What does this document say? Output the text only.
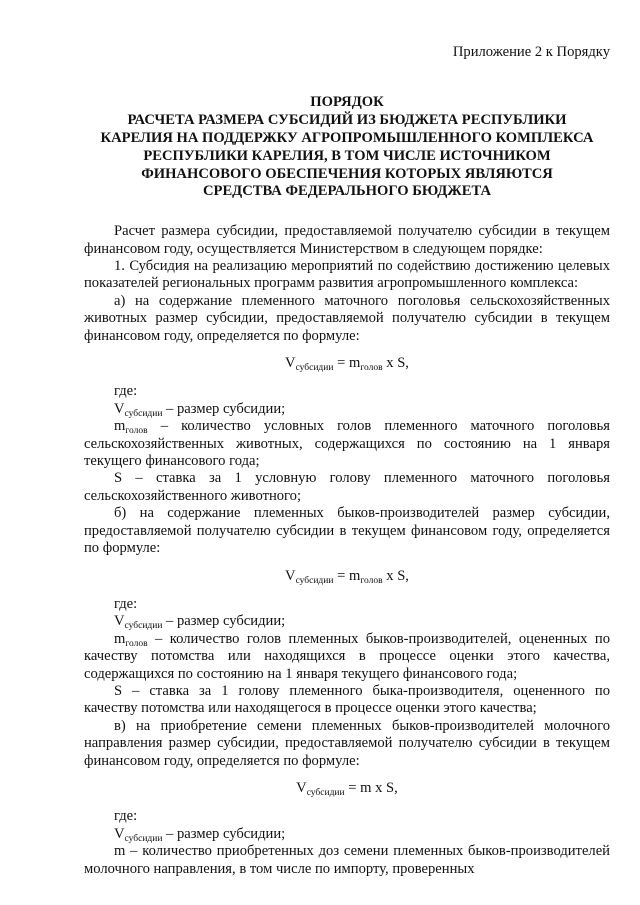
Приложение 2 к Порядку
ПОРЯДОК
РАСЧЕТА РАЗМЕРА СУБСИДИЙ ИЗ БЮДЖЕТА РЕСПУБЛИКИ
КАРЕЛИЯ НА ПОДДЕРЖКУ АГРОПРОМЫШЛЕННОГО КОМПЛЕКСА
РЕСПУБЛИКИ КАРЕЛИЯ, В ТОМ ЧИСЛЕ ИСТОЧНИКОМ
ФИНАНСОВОГО ОБЕСПЕЧЕНИЯ КОТОРЫХ ЯВЛЯЮТСЯ
СРЕДСТВА ФЕДЕРАЛЬНОГО БЮДЖЕТА

Расчет размера субсидии, предоставляемой получателю субсидии в текущем финансовом году, осуществляется Министерством в следующем порядке:

1. Субсидия на реализацию мероприятий по содействию достижению целевых показателей региональных программ развития агропромышленного комплекса:

а) на содержание племенного маточного поголовья сельскохозяйственных животных размер субсидии, предоставляемой получателю субсидии в текущем финансовом году, определяется по формуле:

$V_{субсидии} = m_{голов}$ x S,

где:

$V_{субсидии}$ – размер субсидии;

$m_{голов}$ – количество условных голов племенного маточного поголовья сельскохозяйственных животных, содержащихся по состоянию на 1 января текущего финансового года;

S – ставка за 1 условную голову племенного маточного поголовья сельскохозяйственного животного;

б) на содержание племенных быков-производителей размер субсидии, предоставляемой получателю субсидии в текущем финансовом году, определяется по формуле:

$V_{субсидии} = m_{голов}$ x S,

где:

$V_{субсидии}$ – размер субсидии;

$m_{голов}$ – количество голов племенных быков-производителей, оцененных по качеству потомства или находящихся в процессе оценки этого качества, содержащихся по состоянию на 1 января текущего финансового года;

S – ставка за 1 голову племенного быка-производителя, оцененного по качеству потомства или находящегося в процессе оценки этого качества;

в) на приобретение семени племенных быков-производителей молочного направления размер субсидии, предоставляемой получателю субсидии в текущем финансовом году, определяется по формуле:

$V_{субсидии} = m$ x S,

где:

$V_{субсидии}$ – размер субсидии;

m – количество приобретенных доз семени племенных быков-производителей молочного направления, в том числе по импорту, проверенных
